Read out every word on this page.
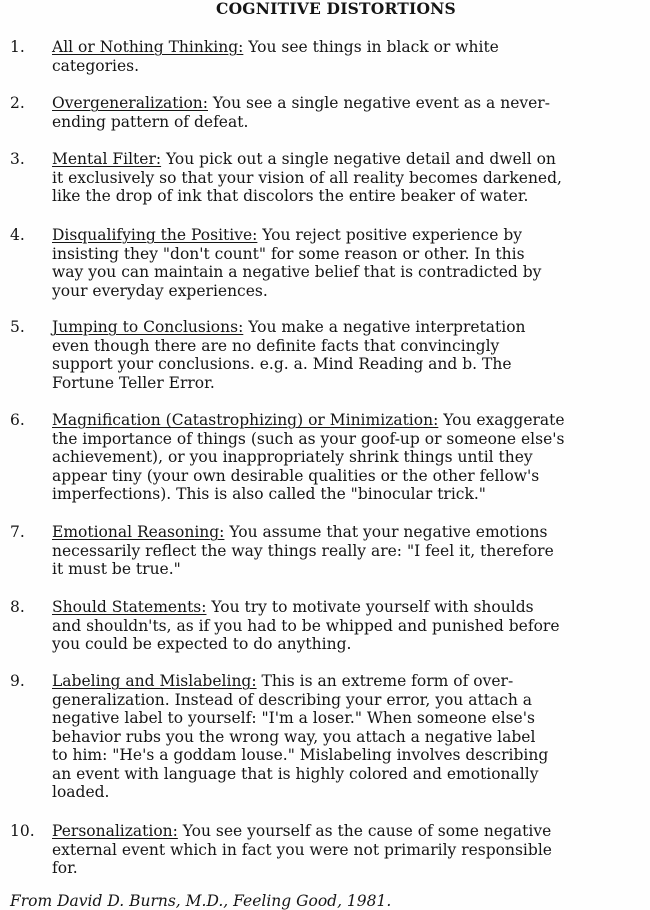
COGNITIVE DISTORTIONS
1. All or Nothing Thinking: You see things in black or white
categories.
2. Overgeneralization: You see a single negative event as a never-
ending pattern of defeat.
3. Mental Filter: You pick out a single negative detail and dwell on
it exclusively so that your vision of all reality becomes darkened,
like the drop of ink that discolors the entire beaker of water.
4. Disqualifying the Positive: You reject positive experience by
insisting they "don't count" for some reason or other. In this
way you can maintain a negative belief that is contradicted by
your everyday experiences.
5. Jumping to Conclusions: You make a negative interpretation
even though there are no definite facts that convincingly
support your conclusions. e.g. a. Mind Reading and b. The
Fortune Teller Error.
6. Magnification (Catastrophizing) or Minimization: You exaggerate
the importance of things (such as your goof-up or someone else's
achievement), or you inappropriately shrink things until they
appear tiny (your own desirable qualities or the other fellow's
imperfections). This is also called the "binocular trick."
7. Emotional Reasoning: You assume that your negative emotions
necessarily reflect the way things really are: "I feel it, therefore
it must be true."
8. Should Statements: You try to motivate yourself with shoulds
and shouldn'ts, as if you had to be whipped and punished before
you could be expected to do anything.
9. Labeling and Mislabeling: This is an extreme form of over-
generalization. Instead of describing your error, you attach a
negative label to yourself: "I'm a loser." When someone else's
behavior rubs you the wrong way, you attach a negative label
to him: "He's a goddam louse." Mislabeling involves describing
an event with language that is highly colored and emotionally
loaded.
10. Personalization: You see yourself as the cause of some negative
external event which in fact you were not primarily responsible
for.
From David D. Burns, M.D., Feeling Good, 1981.
